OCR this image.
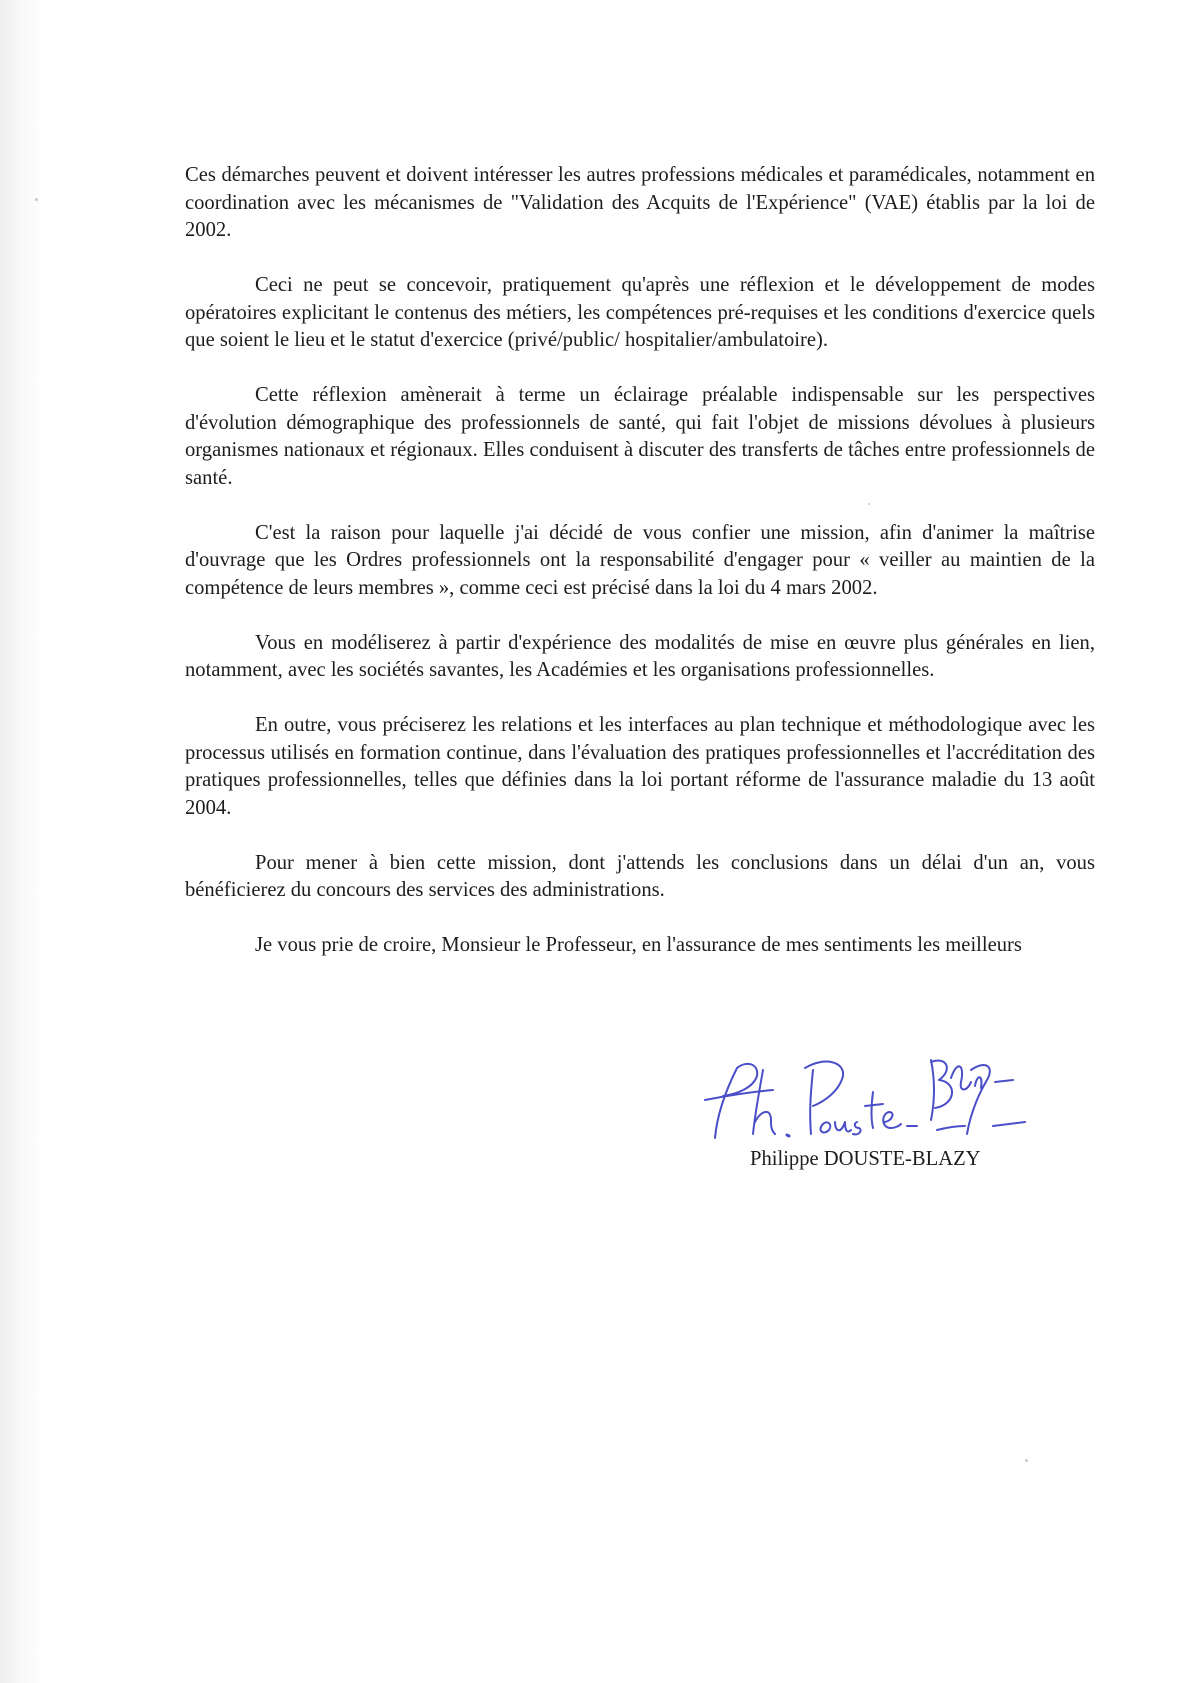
Ces démarches peuvent et doivent intéresser les autres professions médicales et paramédicales, notamment en coordination avec les mécanismes de "Validation des Acquits de l'Expérience" (VAE) établis par la loi de 2002.

Ceci ne peut se concevoir, pratiquement qu'après une réflexion et le développement de modes opératoires explicitant le contenus des métiers, les compétences pré-requises et les conditions d'exercice quels que soient le lieu et le statut d'exercice (privé/public/ hospitalier/ambulatoire).

Cette réflexion amènerait à terme un éclairage préalable indispensable sur les perspectives d'évolution démographique des professionnels de santé, qui fait l'objet de missions dévolues à plusieurs organismes nationaux et régionaux. Elles conduisent à discuter des transferts de tâches entre professionnels de santé.

C'est la raison pour laquelle j'ai décidé de vous confier une mission, afin d'animer la maîtrise d'ouvrage que les Ordres professionnels ont la responsabilité d'engager pour « veiller au maintien de la compétence de leurs membres », comme ceci est précisé dans la loi du 4 mars 2002.

Vous en modéliserez à partir d'expérience des modalités de mise en œuvre plus générales en lien, notamment, avec les sociétés savantes, les Académies et les organisations professionnelles.

En outre, vous préciserez les relations et les interfaces au plan technique et méthodologique avec les processus utilisés en formation continue, dans l'évaluation des pratiques professionnelles et l'accréditation des pratiques professionnelles, telles que définies dans la loi portant réforme de l'assurance maladie du 13 août 2004.

Pour mener à bien cette mission, dont j'attends les conclusions dans un délai d'un an, vous bénéficierez du concours des services des administrations.

Je vous prie de croire, Monsieur le Professeur, en l'assurance de mes sentiments les meilleurs

Philippe DOUSTE-BLAZY
